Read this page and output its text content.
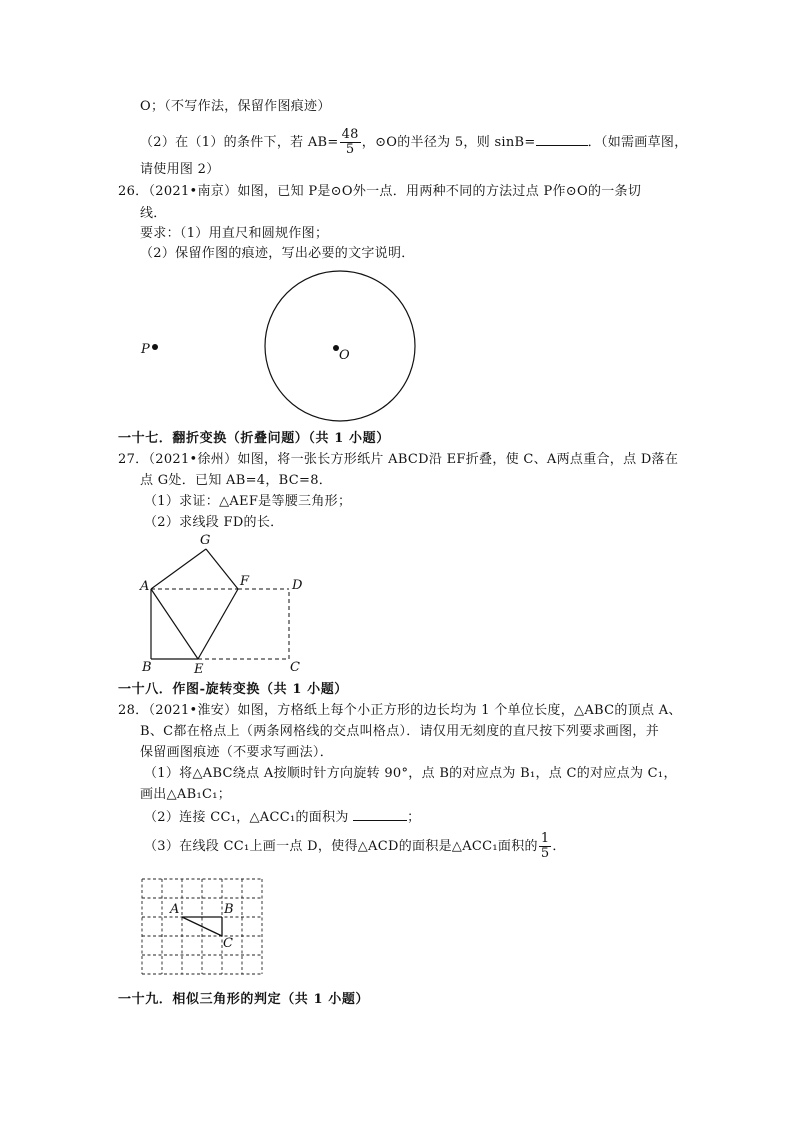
O；（不写作法，保留作图痕迹）
（2）在（1）的条件下，若 $AB= \frac{48}{5}$ ，⊙O的半径为 5，则 sinB=	．（如需画草图，
请使用图 2）
26．（2021•南京）如图，已知 P是⊙O外一点．用两种不同的方法过点 P作⊙O的一条切
线．
要求：（1）用直尺和圆规作图；
（2）保留作图的痕迹，写出必要的文字说明．
P	O
一十七．翻折变换（折叠问题）（共 1 小题）
27．（2021•徐州）如图，将一张长方形纸片 ABCD沿 EF折叠，使 C、A两点重合，点 D落在
点 G处．已知 AB=4，BC=8．
（1）求证：△AEF是等腰三角形；
（2）求线段 FD的长．
G
A	F	D
B	E	C
一十八．作图-旋转变换（共 1 小题）
28．（2021•淮安）如图，方格纸上每个小正方形的边长均为 1 个单位长度，△ABC的顶点 A、
B、C都在格点上（两条网格线的交点叫格点）．请仅用无刻度的直尺按下列要求画图，并
保留画图痕迹（不要求写画法）．
（1）将△ABC绕点 A按顺时针方向旋转 90°，点 B的对应点为 B₁，点 C的对应点为 C₁，
画出△AB₁C₁；
（2）连接 CC₁，△ACC₁的面积为	；
（3）在线段 CC₁上画一点 D，使得△ACD的面积是△ACC₁面积的 $\frac{1}{5}$ ．
A	B
C
一十九．相似三角形的判定（共 1 小题）
